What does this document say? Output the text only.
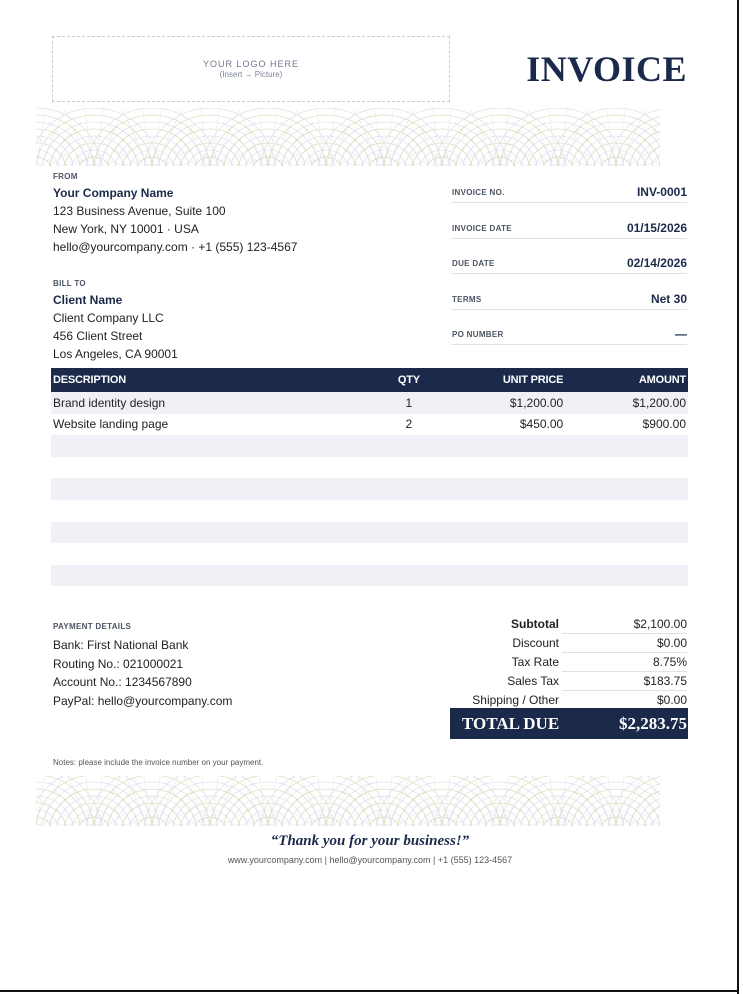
YOUR LOGO HERE
(Insert → Picture)	INVOICE
FROM
Your Company Name
123 Business Avenue, Suite 100
New York, NY 10001 · USA
hello@yourcompany.com · +1 (555) 123-4567
BILL TO
Client Name
Client Company LLC
456 Client Street
Los Angeles, CA 90001
INVOICE NO.	INV-0001
INVOICE DATE	01/15/2026
DUE DATE	02/14/2026
TERMS	Net 30
PO NUMBER	—
DESCRIPTION	QTY	UNIT PRICE	AMOUNT
Brand identity design	1	$1,200.00	$1,200.00
Website landing page	2	$450.00	$900.00

PAYMENT DETAILS
Bank: First National Bank
Routing No.: 021000021
Account No.: 1234567890
PayPal: hello@yourcompany.com
Subtotal	$2,100.00
Discount	$0.00
Tax Rate	8.75%
Sales Tax	$183.75
Shipping / Other	$0.00
TOTAL DUE	$2,283.75
Notes: please include the invoice number on your payment.
“Thank you for your business!”
www.yourcompany.com | hello@yourcompany.com | +1 (555) 123-4567
